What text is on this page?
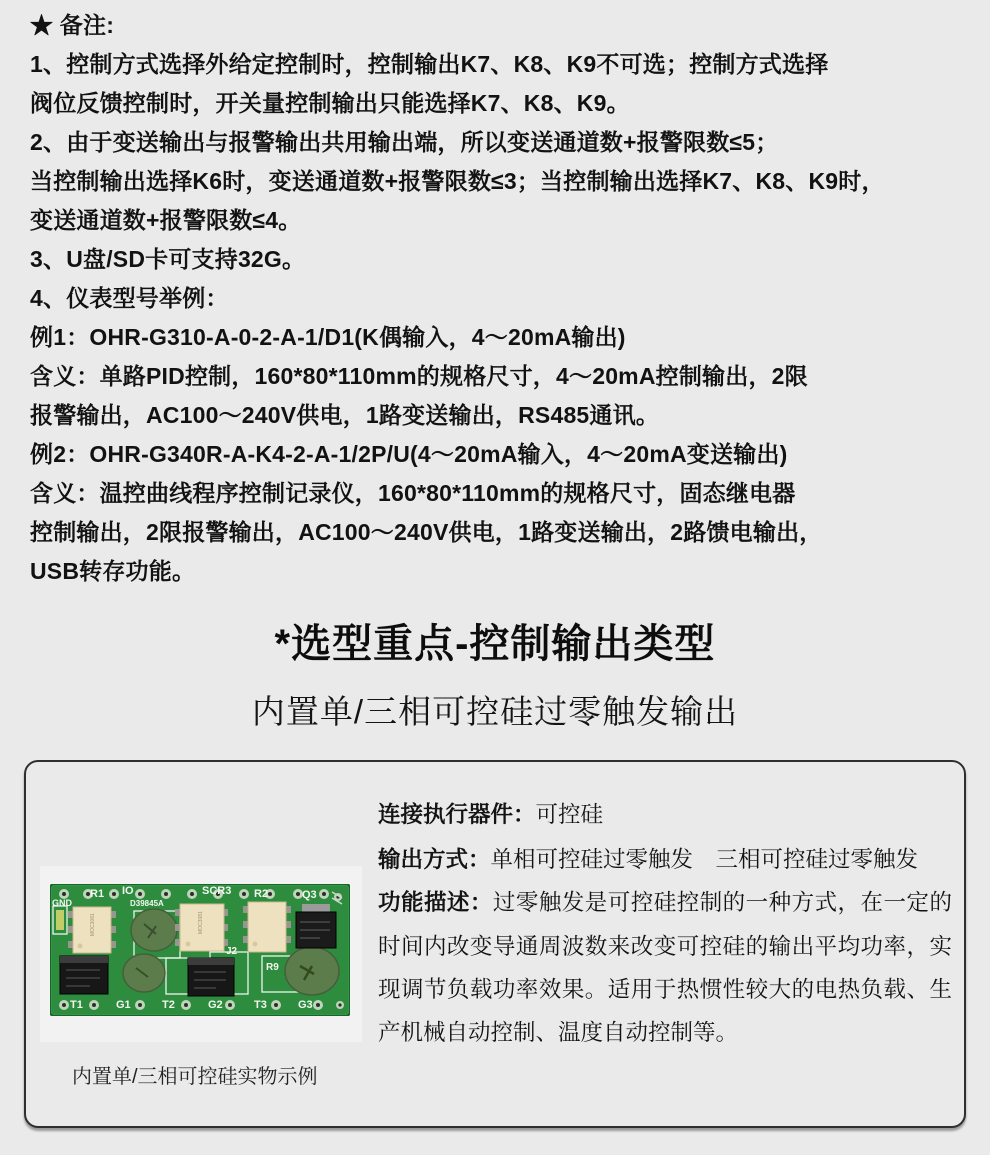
★ 备注:
1、控制方式选择外给定控制时，控制输出K7、K8、K9不可选；控制方式选择
阀位反馈控制时，开关量控制输出只能选择K7、K8、K9。
2、由于变送输出与报警输出共用输出端，所以变送通道数+报警限数≤5；
当控制输出选择K6时，变送通道数+报警限数≤3；当控制输出选择K7、K8、K9时，
变送通道数+报警限数≤4。
3、U盘/SD卡可支持32G。
4、仪表型号举例：
例1：OHR-G310-A-0-2-A-1/D1(K偶输入，4～20mA输出)
含义：单路PID控制，160*80*110mm的规格尺寸，4～20mA控制输出，2限
报警输出，AC100～240V供电，1路变送输出，RS485通讯。
例2：OHR-G340R-A-K4-2-A-1/2P/U(4～20mA输入，4～20mA变送输出)
含义：温控曲线程序控制记录仪，160*80*110mm的规格尺寸，固态继电器
控制输出，2限报警输出，AC100～240V供电，1路变送输出，2路馈电输出，
USB转存功能。
*选型重点-控制输出类型
内置单/三相可控硅过零触发输出
MOC3081	MOC3081
GND
R1 IO
D39845A
SCR3 R2	Q3
J2
R9
T1	G1	T2	G2	T3	G3
内置单/三相可控硅实物示例
连接执行器件：可控硅
输出方式：单相可控硅过零触发　三相可控硅过零触发
功能描述：过零触发是可控硅控制的一种方式，在一定的
时间内改变导通周波数来改变可控硅的输出平均功率，实
现调节负载功率效果。适用于热惯性较大的电热负载、生
产机械自动控制、温度自动控制等。
